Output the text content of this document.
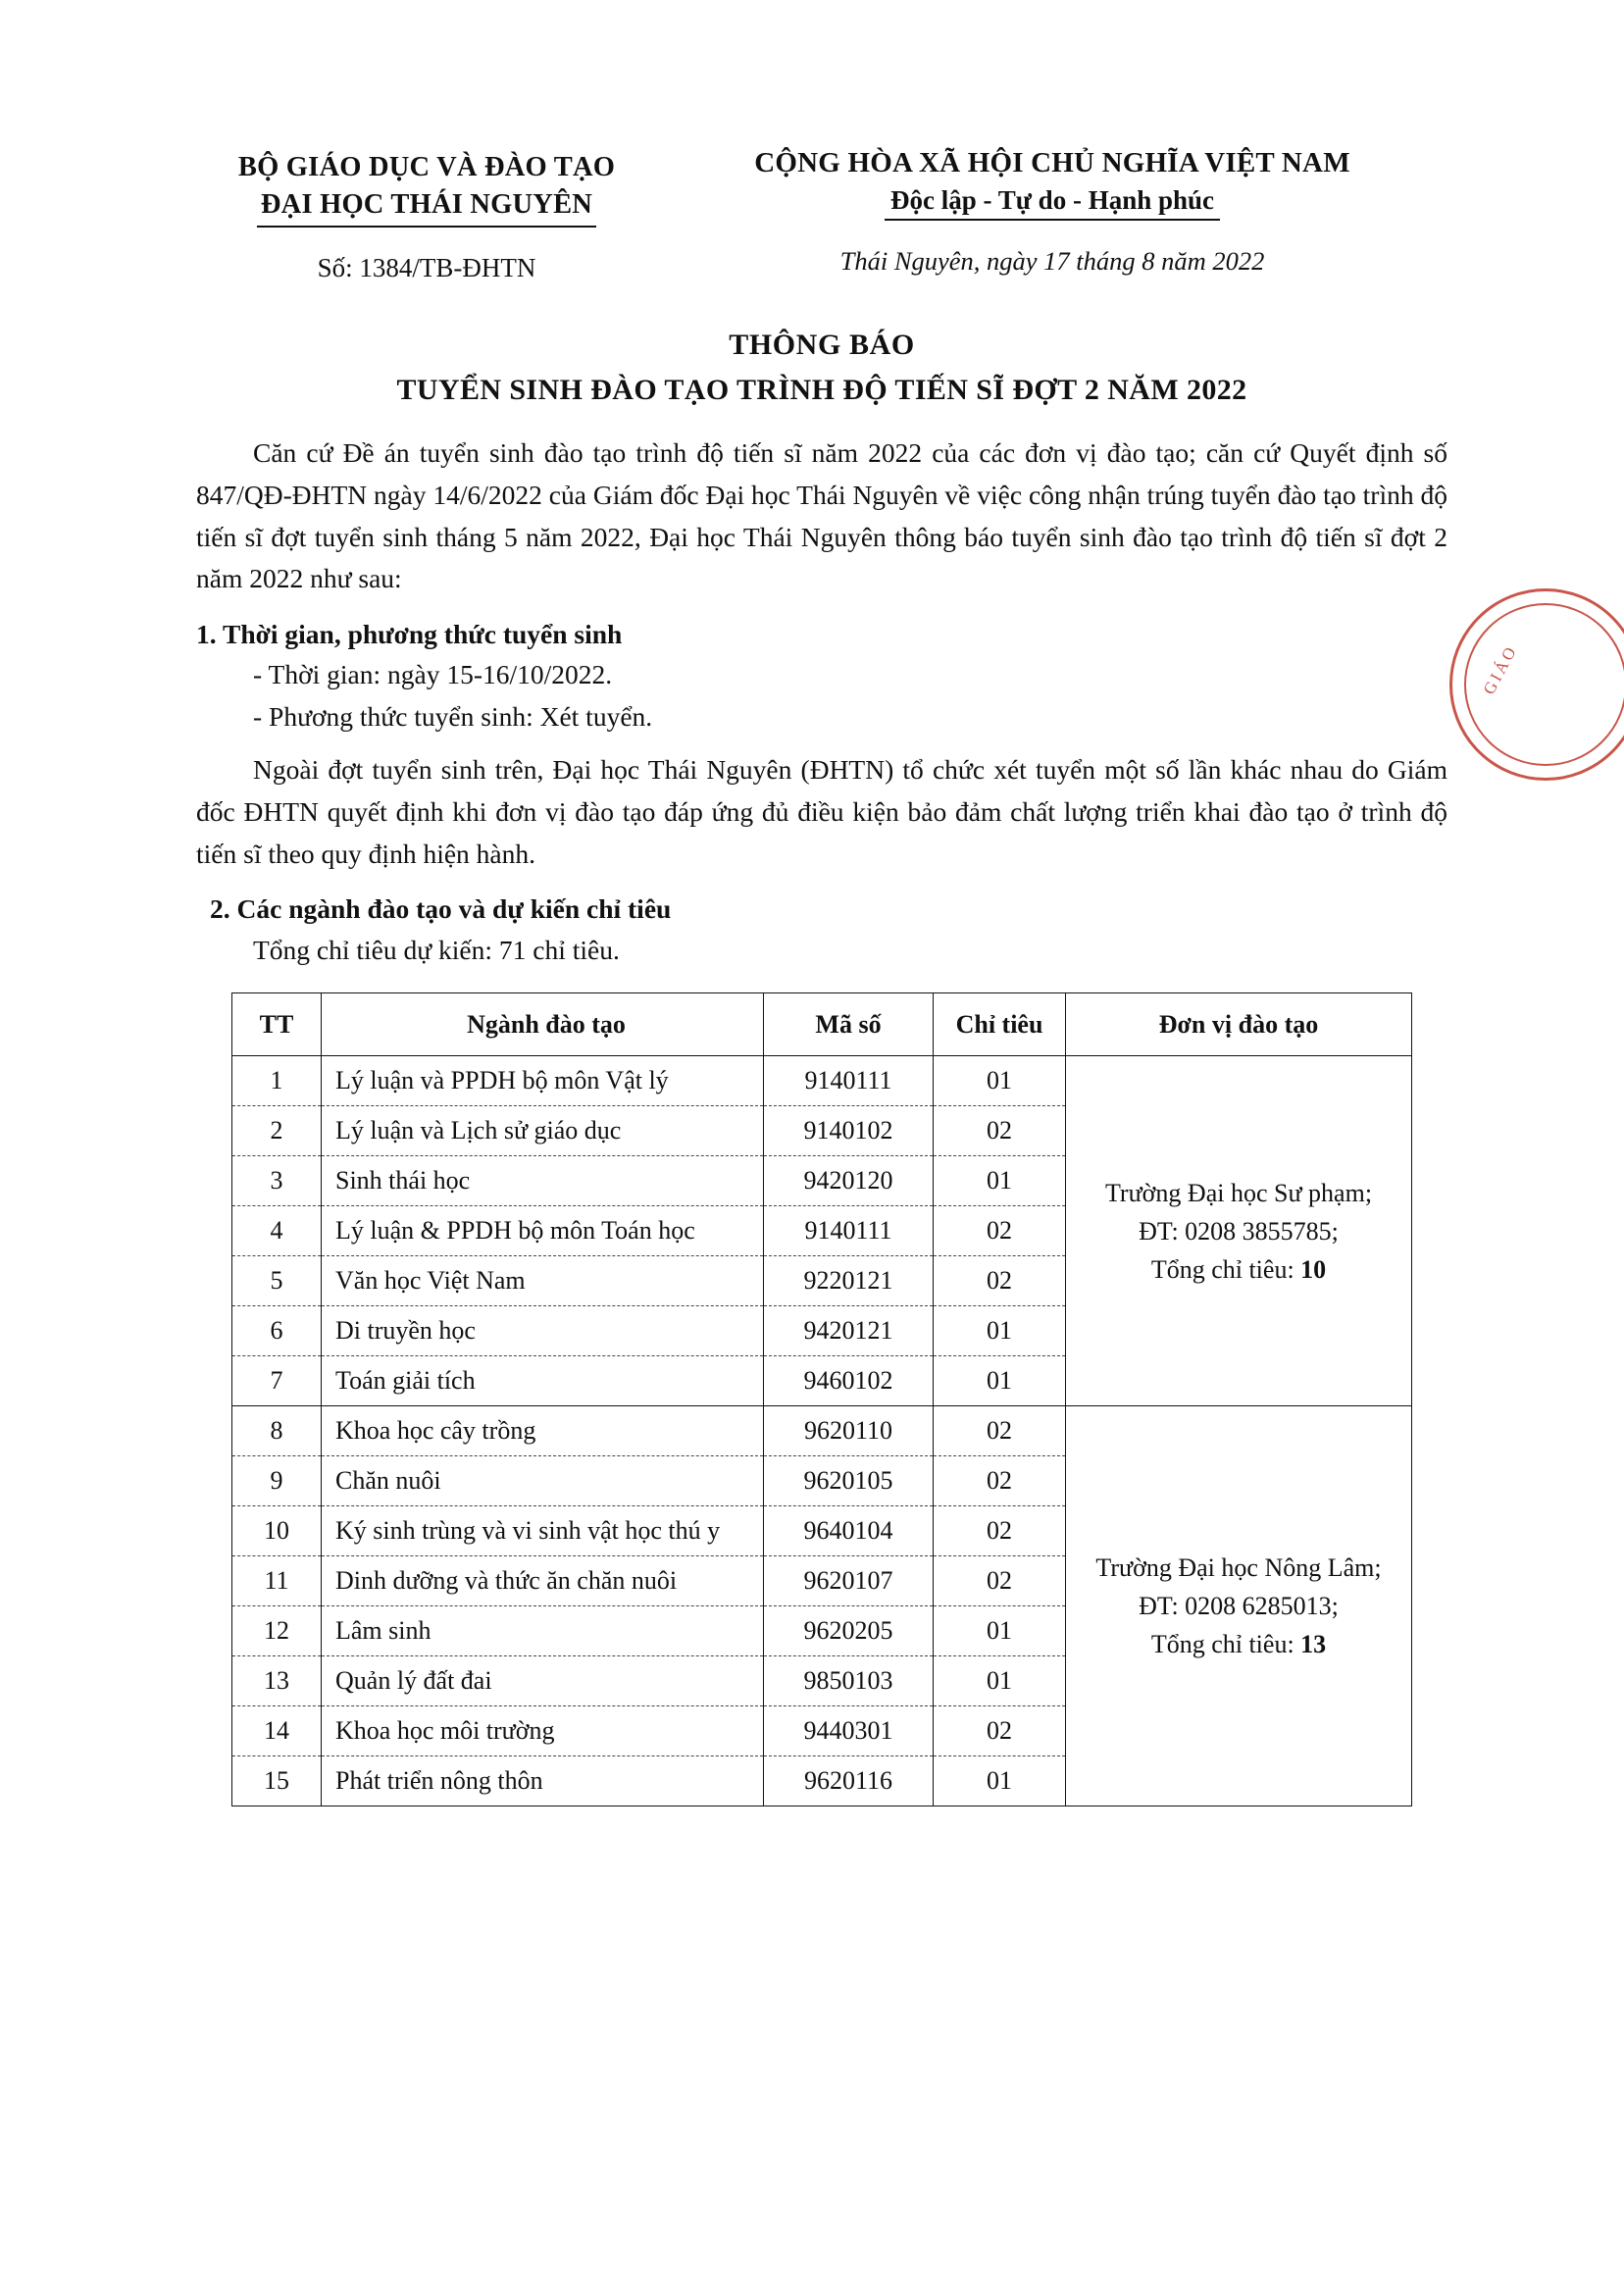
BỘ GIÁO DỤC VÀ ĐÀO TẠO
ĐẠI HỌC THÁI NGUYÊN
Số: 1384/TB-ĐHTN
CỘNG HÒA XÃ HỘI CHỦ NGHĨA VIỆT NAM
Độc lập - Tự do - Hạnh phúc
Thái Nguyên, ngày 17 tháng 8 năm 2022
THÔNG BÁO
TUYỂN SINH ĐÀO TẠO TRÌNH ĐỘ TIẾN SĨ ĐỢT 2 NĂM 2022
Căn cứ Đề án tuyển sinh đào tạo trình độ tiến sĩ năm 2022 của các đơn vị đào tạo; căn cứ Quyết định số 847/QĐ-ĐHTN ngày 14/6/2022 của Giám đốc Đại học Thái Nguyên về việc công nhận trúng tuyển đào tạo trình độ tiến sĩ đợt tuyển sinh tháng 5 năm 2022, Đại học Thái Nguyên thông báo tuyển sinh đào tạo trình độ tiến sĩ đợt 2 năm 2022 như sau:
1. Thời gian, phương thức tuyển sinh
- Thời gian: ngày 15-16/10/2022.
- Phương thức tuyển sinh: Xét tuyển.
Ngoài đợt tuyển sinh trên, Đại học Thái Nguyên (ĐHTN) tổ chức xét tuyển một số lần khác nhau do Giám đốc ĐHTN quyết định khi đơn vị đào tạo đáp ứng đủ điều kiện bảo đảm chất lượng triển khai đào tạo ở trình độ tiến sĩ theo quy định hiện hành.
2. Các ngành đào tạo và dự kiến chỉ tiêu
Tổng chỉ tiêu dự kiến: 71 chỉ tiêu.
TT	Ngành đào tạo	Mã số	Chỉ tiêu	Đơn vị đào tạo
1	Lý luận và PPDH bộ môn Vật lý	9140111	01	Trường Đại học Sư phạm;
ĐT: 0208 3855785;
Tổng chỉ tiêu: 10

2	Lý luận và Lịch sử giáo dục	9140102	02	
3	Sinh thái học	9420120	01	
4	Lý luận & PPDH bộ môn Toán học	9140111	02	
5	Văn học Việt Nam	9220121	02	
6	Di truyền học	9420121	01	
7	Toán giải tích	9460102	01	
8	Khoa học cây trồng	9620110	02	Trường Đại học Nông Lâm;
ĐT: 0208 6285013;
Tổng chỉ tiêu: 13

9	Chăn nuôi	9620105	02	
10	Ký sinh trùng và vi sinh vật học thú y	9640104	02	
11	Dinh dưỡng và thức ăn chăn nuôi	9620107	02	
12	Lâm sinh	9620205	01	
13	Quản lý đất đai	9850103	01	
14	Khoa học môi trường	9440301	02	
15	Phát triển nông thôn	9620116	01	
GIÁO
